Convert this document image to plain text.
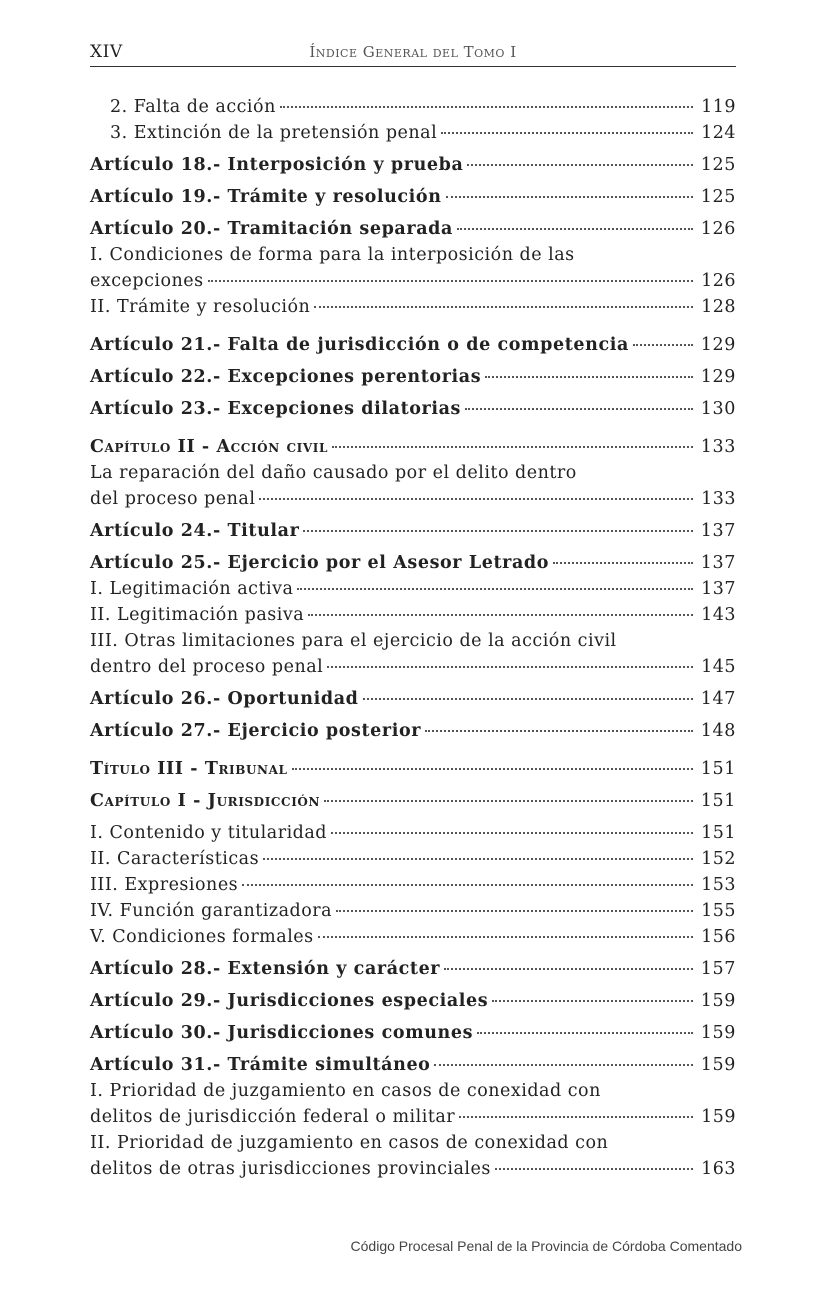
XIV	Índice General del Tomo I
2. Falta de acción	119
3. Extinción de la pretensión penal	124
Artículo 18.- Interposición y prueba	125
Artículo 19.- Trámite y resolución	125
Artículo 20.- Tramitación separada	126
I. Condiciones de forma para la interposición de las
excepciones	126
II. Trámite y resolución	128
Artículo 21.- Falta de jurisdicción o de competencia	129
Artículo 22.- Excepciones perentorias	129
Artículo 23.- Excepciones dilatorias	130
Capítulo II - Acción civil	133
La reparación del daño causado por el delito dentro
del proceso penal	133
Artículo 24.- Titular	137
Artículo 25.- Ejercicio por el Asesor Letrado	137
I. Legitimación activa	137
II. Legitimación pasiva	143
III. Otras limitaciones para el ejercicio de la acción civil
dentro del proceso penal	145
Artículo 26.- Oportunidad	147
Artículo 27.- Ejercicio posterior	148
Título III - Tribunal	151
Capítulo I - Jurisdicción	151
I. Contenido y titularidad	151
II. Características	152
III. Expresiones	153
IV. Función garantizadora	155
V. Condiciones formales	156
Artículo 28.- Extensión y carácter	157
Artículo 29.- Jurisdicciones especiales	159
Artículo 30.- Jurisdicciones comunes	159
Artículo 31.- Trámite simultáneo	159
I. Prioridad de juzgamiento en casos de conexidad con
delitos de jurisdicción federal o militar	159
II. Prioridad de juzgamiento en casos de conexidad con
delitos de otras jurisdicciones provinciales	163
Código Procesal Penal de la Provincia de Córdoba Comentado
